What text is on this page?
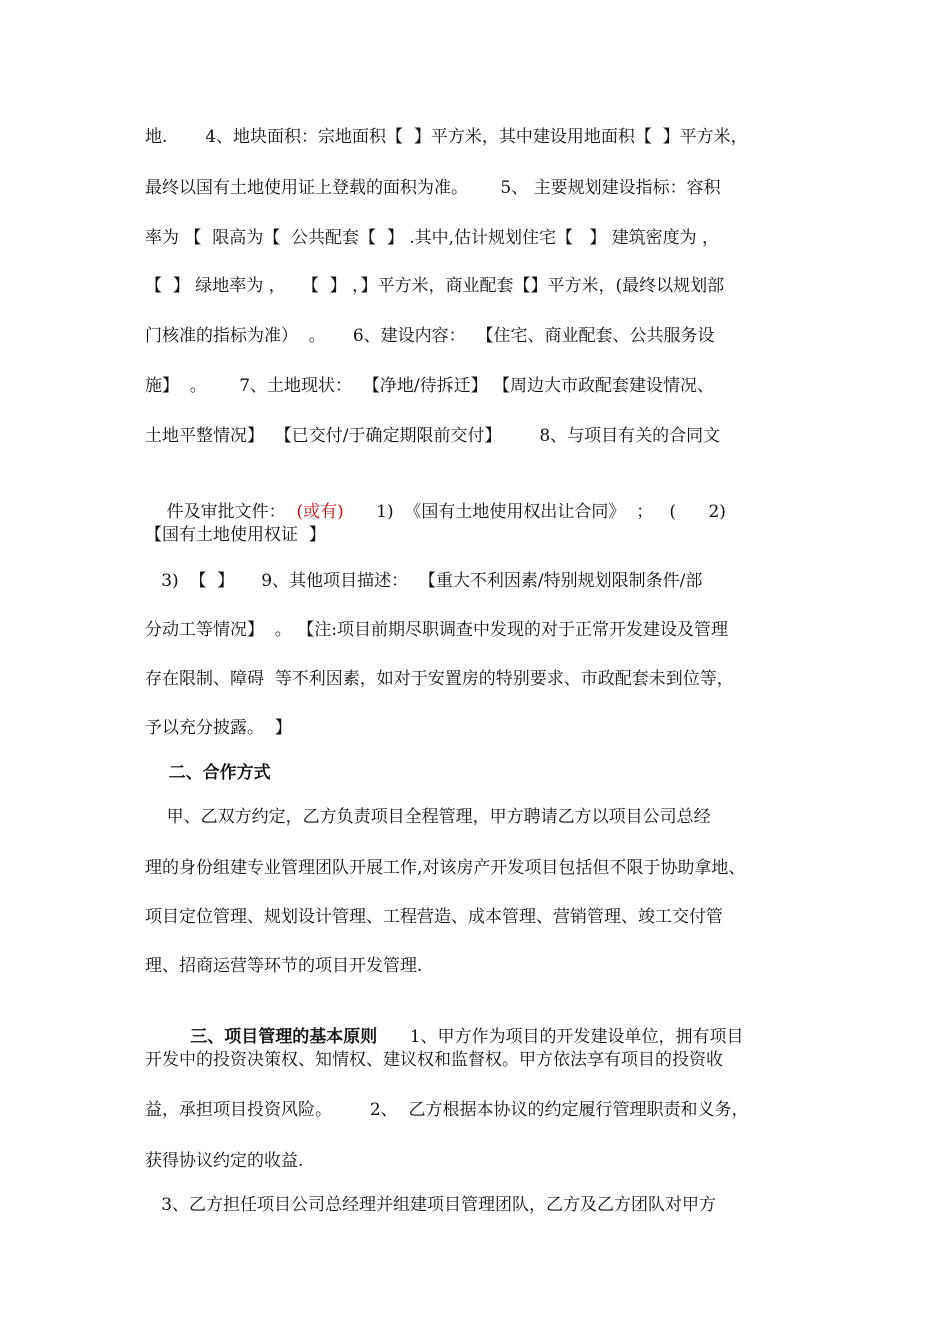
地.       4、地块面积：宗地面积【  】平方米，其中建设用地面积【  】平方米，
最终以国有土地使用证上登载的面积为准。      5、 主要规划建设指标：容积
率为 【  限高为【  公共配套【  】 .其中,估计规划住宅【   】 建筑密度为 ，
【  】 绿地率为 ，   【  】 ，】平方米，商业配套【】平方米，(最终以规划部
门核准的指标为准）  。     6、建设内容：  【住宅、商业配套、公共服务设
施】  。      7、土地现状：  【净地/待拆迁】 【周边大市政配套建设情况、
土地平整情况】  【已交付/于确定期限前交付】       8、与项目有关的合同文

件及审批文件：  (或有)      1)  《国有土地使用权出让合同》  ；   (      2)

【国有土地使用权证  】
3)  【  】     9、其他项目描述：  【重大不利因素/特别规划限制条件/部
分动工等情况】  。 【注:项目前期尽职调查中发现的对于正常开发建设及管理
存在限制、障碍  等不利因素，如对于安置房的特别要求、市政配套未到位等，
予以充分披露。  】
二、合作方式
甲、乙双方约定，乙方负责项目全程管理，甲方聘请乙方以项目公司总经
理的身份组建专业管理团队开展工作,对该房产开发项目包括但不限于协助拿地、
项目定位管理、规划设计管理、工程营造、成本管理、营销管理、竣工交付管
理、招商运营等环节的项目开发管理.

三、项目管理的基本原则      1、甲方作为项目的开发建设单位，拥有项目

开发中的投资决策权、知情权、建议权和监督权。甲方依法享有项目的投资收
益，承担项目投资风险。       2、  乙方根据本协议的约定履行管理职责和义务，
获得协议约定的收益.
3、乙方担任项目公司总经理并组建项目管理团队，乙方及乙方团队对甲方
